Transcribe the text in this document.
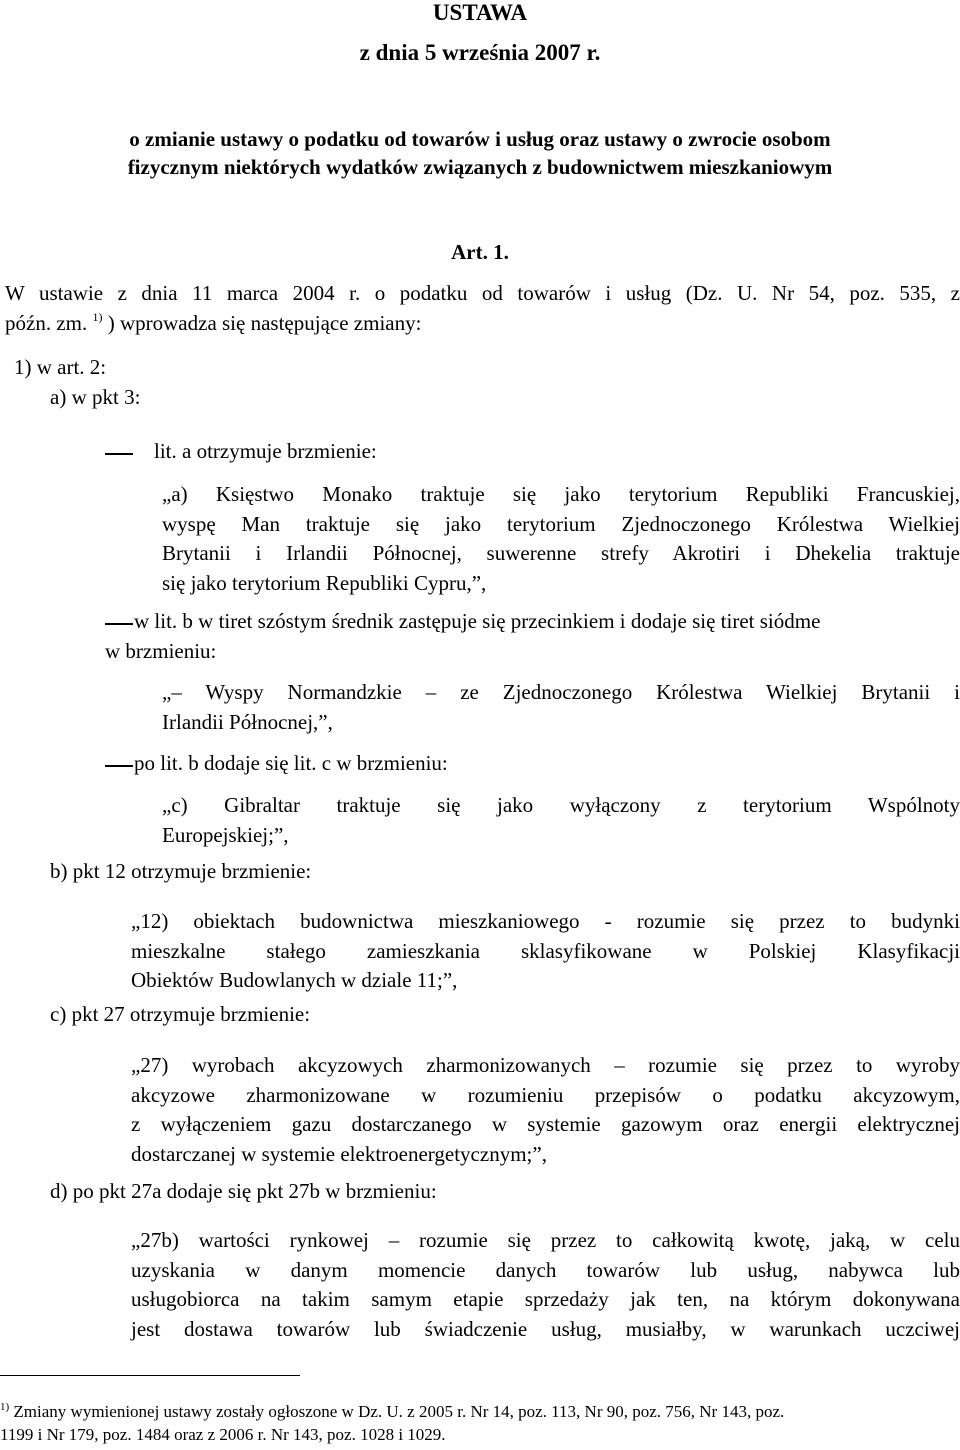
USTAWA
z dnia 5 września 2007 r.
o zmianie ustawy o podatku od towarów i usług oraz ustawy o zwrocie osobom
fizycznym niektórych wydatków związanych z budownictwem mieszkaniowym
Art. 1.
W ustawie z dnia 11 marca 2004 r. o podatku od towarów i usług (Dz. U. Nr 54, poz. 535, z
późn. zm. $^{1)}$ ) wprowadza się następujące zmiany:
1) w art. 2:
a) w pkt 3:
lit. a otrzymuje brzmienie:
„a) Księstwo Monako traktuje się jako terytorium Republiki Francuskiej,
wyspę Man traktuje się jako terytorium Zjednoczonego Królestwa Wielkiej
Brytanii i Irlandii Północnej, suwerenne strefy Akrotiri i Dhekelia traktuje
się jako terytorium Republiki Cypru,”,
w lit. b w tiret szóstym średnik zastępuje się przecinkiem i dodaje się tiret siódme
w brzmieniu:
„– Wyspy Normandzkie – ze Zjednoczonego Królestwa Wielkiej Brytanii i
Irlandii Północnej,”,
po lit. b dodaje się lit. c w brzmieniu:
„c) Gibraltar traktuje się jako wyłączony z terytorium Wspólnoty
Europejskiej;”,
b) pkt 12 otrzymuje brzmienie:
„12) obiektach budownictwa mieszkaniowego - rozumie się przez to budynki
mieszkalne stałego zamieszkania sklasyfikowane w Polskiej Klasyfikacji
Obiektów Budowlanych w dziale 11;”,
c) pkt 27 otrzymuje brzmienie:
„27) wyrobach akcyzowych zharmonizowanych – rozumie się przez to wyroby
akcyzowe zharmonizowane w rozumieniu przepisów o podatku akcyzowym,
z wyłączeniem gazu dostarczanego w systemie gazowym oraz energii elektrycznej
dostarczanej w systemie elektroenergetycznym;”,
d) po pkt 27a dodaje się pkt 27b w brzmieniu:
„27b) wartości rynkowej – rozumie się przez to całkowitą kwotę, jaką, w celu
uzyskania w danym momencie danych towarów lub usług, nabywca lub
usługobiorca na takim samym etapie sprzedaży jak ten, na którym dokonywana
jest dostawa towarów lub świadczenie usług, musiałby, w warunkach uczciwej
$^{1)}$ Zmiany wymienionej ustawy zostały ogłoszone w Dz. U. z 2005 r. Nr 14, poz. 113, Nr 90, poz. 756, Nr 143, poz.
1199 i Nr 179, poz. 1484 oraz z 2006 r. Nr 143, poz. 1028 i 1029.
